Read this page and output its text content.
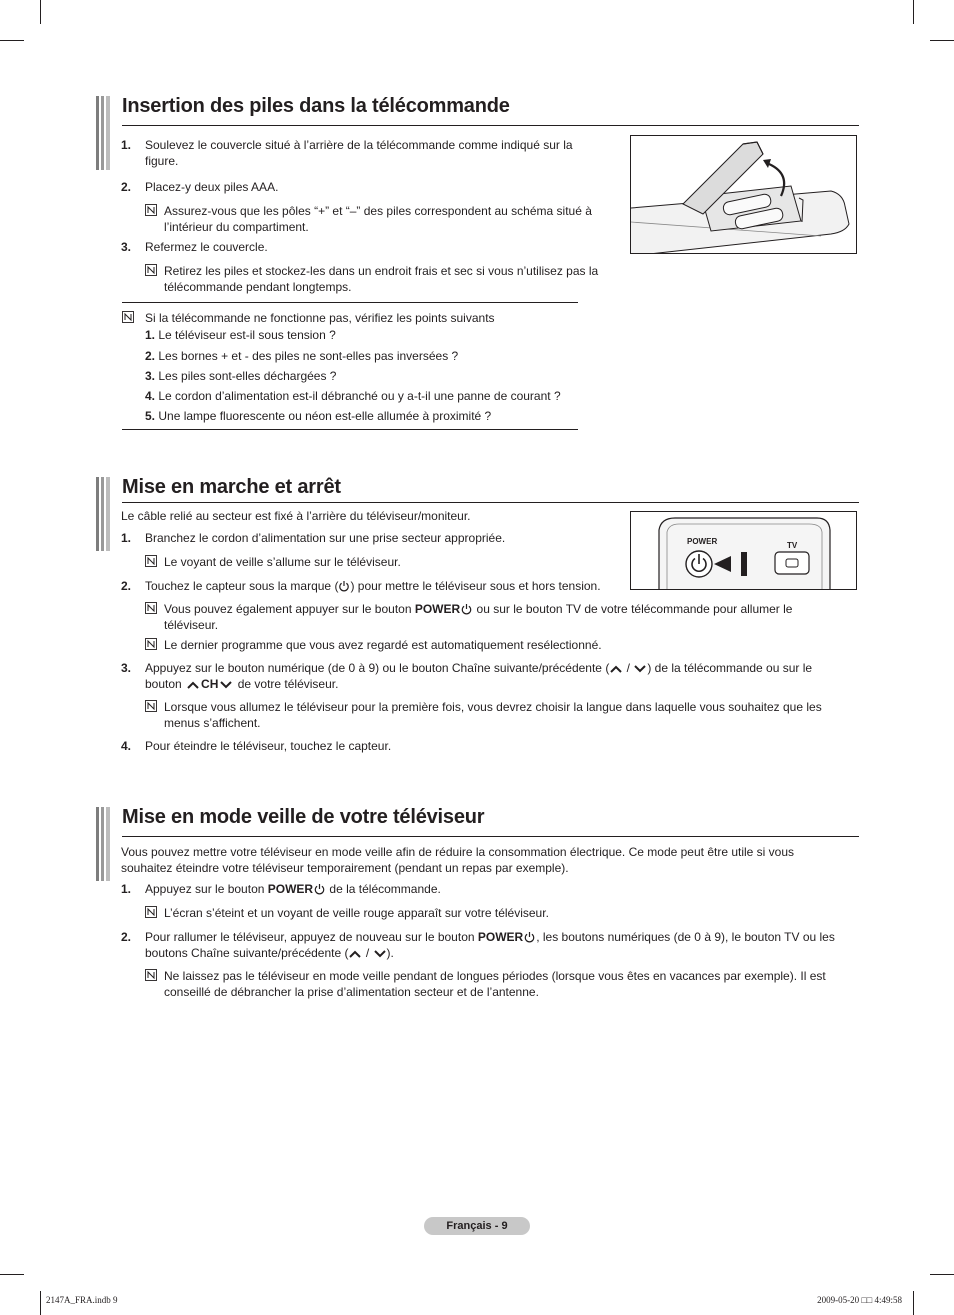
Insertion des piles dans la télécommande
1. Soulevez le couvercle situé à l’arrière de la télécommande comme indiqué sur la
figure.
2. Placez-y deux piles AAA.
Assurez-vous que les pôles “+” et “–” des piles correspondent au schéma situé à
l’intérieur du compartiment.
3. Refermez le couvercle.
Retirez les piles et stockez-les dans un endroit frais et sec si vous n’utilisez pas la
télécommande pendant longtemps.
Si la télécommande ne fonctionne pas, vérifiez les points suivants
1. Le téléviseur est-il sous tension ?
2. Les bornes + et - des piles ne sont-elles pas inversées ?
3. Les piles sont-elles déchargées ?
4. Le cordon d’alimentation est-il débranché ou y a-t-il une panne de courant ?
5. Une lampe fluorescente ou néon est-elle allumée à proximité ?
Mise en marche et arrêt
Le câble relié au secteur est fixé à l’arrière du téléviseur/moniteur.
1. Branchez le cordon d’alimentation sur une prise secteur appropriée.
Le voyant de veille s’allume sur le téléviseur.
2. Touchez le capteur sous la marque ( ) pour mettre le téléviseur sous et hors tension.
POWER	TV
Vous pouvez également appuyer sur le bouton POWER ou sur le bouton TV de votre télécommande pour allumer le
téléviseur.
Le dernier programme que vous avez regardé est automatiquement resélectionné.
3. Appuyez sur le bouton numérique (de 0 à 9) ou le bouton Chaîne suivante/précédente ( / ) de la télécommande ou sur le
bouton CH de votre téléviseur.
Lorsque vous allumez le téléviseur pour la première fois, vous devrez choisir la langue dans laquelle vous souhaitez que les
menus s’affichent.
4. Pour éteindre le téléviseur, touchez le capteur.
Mise en mode veille de votre téléviseur
Vous pouvez mettre votre téléviseur en mode veille afin de réduire la consommation électrique. Ce mode peut être utile si vous
souhaitez éteindre votre téléviseur temporairement (pendant un repas par exemple).
1. Appuyez sur le bouton POWER de la télécommande.
L’écran s’éteint et un voyant de veille rouge apparaît sur votre téléviseur.
2. Pour rallumer le téléviseur, appuyez de nouveau sur le bouton POWER , les boutons numériques (de 0 à 9), le bouton TV ou les
boutons Chaîne suivante/précédente ( / ).
Ne laissez pas le téléviseur en mode veille pendant de longues périodes (lorsque vous êtes en vacances par exemple). Il est
conseillé de débrancher la prise d’alimentation secteur et de l’antenne.
Français - 9
2147A_FRA.indb 9	2009-05-20 □□ 4:49:58
